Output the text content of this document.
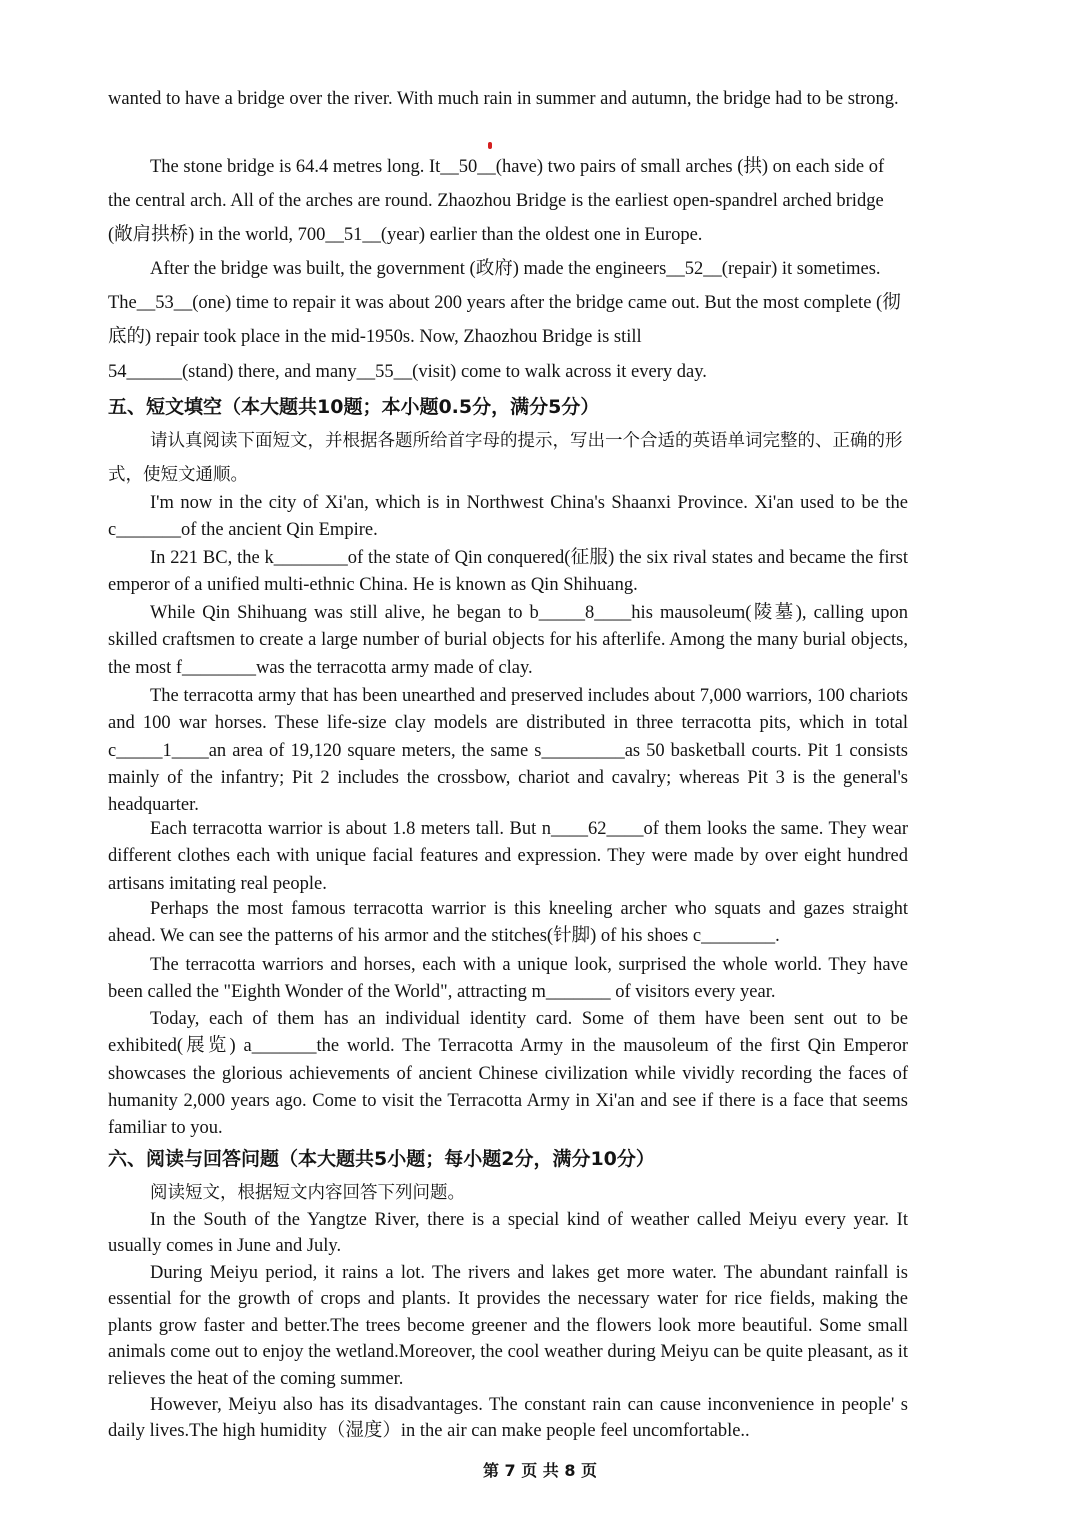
wanted to have a bridge over the river. With much rain in summer and autumn, the bridge had to be strong.

The stone bridge is 64.4 metres long. It__50__(have) two pairs of small arches (拱) on each side of the central arch. All of the arches are round. Zhaozhou Bridge is the earliest open-spandrel arched bridge (敞肩拱桥) in the world, 700__51__(year) earlier than the oldest one in Europe.

After the bridge was built, the government (政府) made the engineers__52__(repair) it sometimes. The__53__(one) time to repair it was about 200 years after the bridge came out. But the most complete (彻底的) repair took place in the mid-1950s. Now, Zhaozhou Bridge is still

54______(stand) there, and many__55__(visit) come to walk across it every day.

五、短文填空（本大题共10题；本小题0.5分，满分5分）

请认真阅读下面短文，并根据各题所给首字母的提示，写出一个合适的英语单词完整的、正确的形式，使短文通顺。

I'm now in the city of Xi'an, which is in Northwest China's Shaanxi Province. Xi'an used to be the c_______of the ancient Qin Empire.

In 221 BC, the k________of the state of Qin conquered(征服) the six rival states and became the first emperor of a unified multi-ethnic China. He is known as Qin Shihuang.

While Qin Shihuang was still alive, he began to b_____8____his mausoleum(陵墓), calling upon skilled craftsmen to create a large number of burial objects for his afterlife. Among the many burial objects, the most f________was the terracotta army made of clay.

The terracotta army that has been unearthed and preserved includes about 7,000 warriors, 100 chariots and 100 war horses. These life-size clay models are distributed in three terracotta pits, which in total c_____1____an area of 19,120 square meters, the same s_________as 50 basketball courts. Pit 1 consists mainly of the infantry; Pit 2 includes the crossbow, chariot and cavalry; whereas Pit 3 is the general's headquarter.

Each terracotta warrior is about 1.8 meters tall. But n____62____of them looks the same. They wear different clothes each with unique facial features and expression. They were made by over eight hundred artisans imitating real people.

Perhaps the most famous terracotta warrior is this kneeling archer who squats and gazes straight ahead. We can see the patterns of his armor and the stitches(针脚) of his shoes c________.

The terracotta warriors and horses, each with a unique look, surprised the whole world. They have been called the "Eighth Wonder of the World", attracting m_______ of visitors every year.

Today, each of them has an individual identity card. Some of them have been sent out to be exhibited(展览) a_______the world. The Terracotta Army in the mausoleum of the first Qin Emperor showcases the glorious achievements of ancient Chinese civilization while vividly recording the faces of humanity 2,000 years ago. Come to visit the Terracotta Army in Xi'an and see if there is a face that seems familiar to you.

六、阅读与回答问题（本大题共5小题；每小题2分，满分10分）

阅读短文，根据短文内容回答下列问题。

In the South of the Yangtze River, there is a special kind of weather called Meiyu every year. It usually comes in June and July.

During Meiyu period, it rains a lot. The rivers and lakes get more water. The abundant rainfall is essential for the growth of crops and plants. It provides the necessary water for rice fields, making the plants grow faster and better.The trees become greener and the flowers look more beautiful. Some small animals come out to enjoy the wetland.Moreover, the cool weather during Meiyu can be quite pleasant, as it relieves the heat of the coming summer.

However, Meiyu also has its disadvantages. The constant rain can cause inconvenience in people' s daily lives.The high humidity（湿度）in the air can make people feel uncomfortable..

第 7 页 共 8 页
